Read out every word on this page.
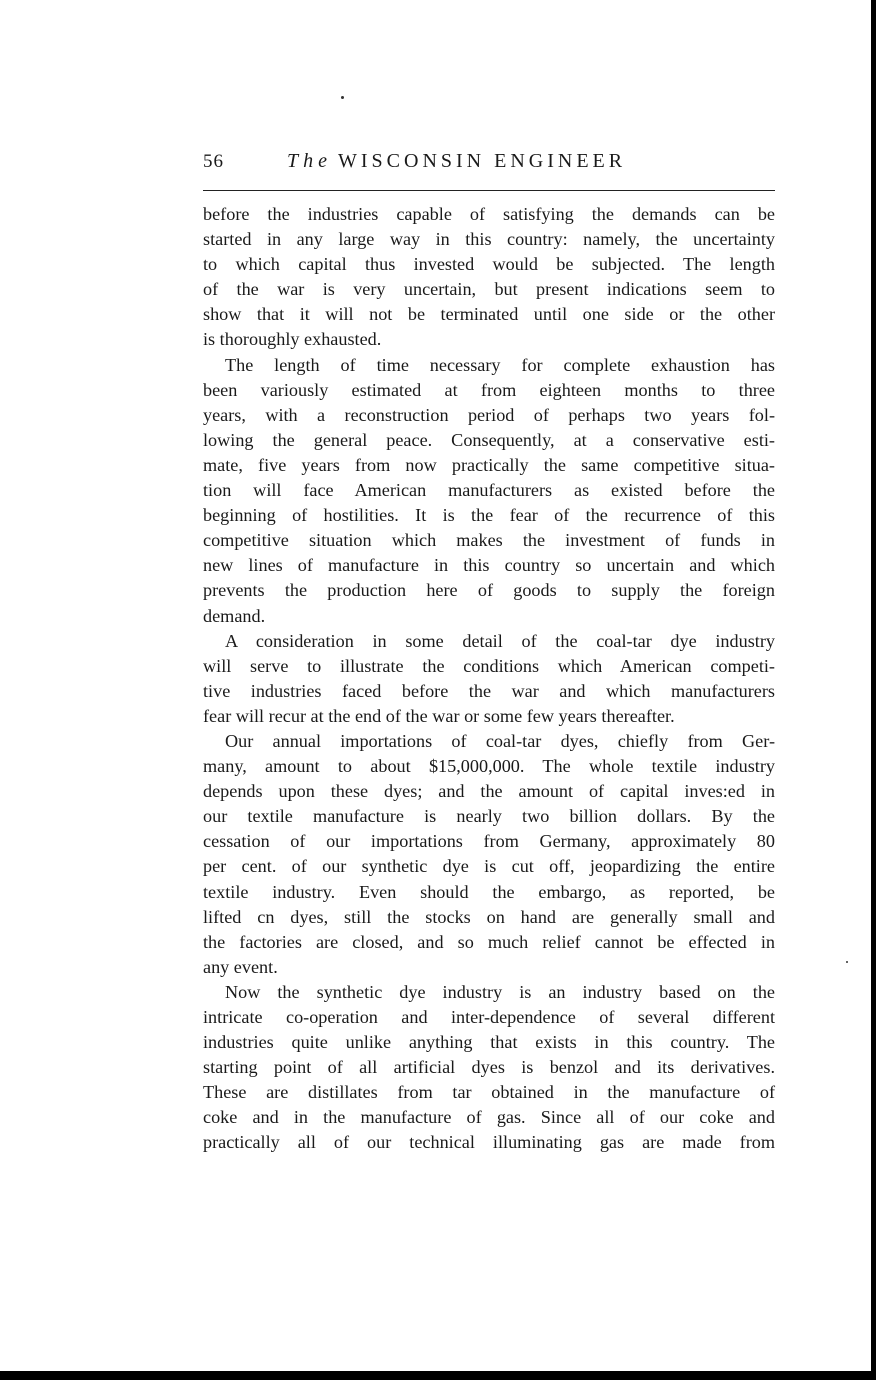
56	The WISCONSIN ENGINEER

before the industries capable of satisfying the demands can be
started in any large way in this country: namely, the uncertainty
to which capital thus invested would be subjected. The length
of the war is very uncertain, but present indications seem to
show that it will not be terminated until one side or the other
is thoroughly exhausted.

The length of time necessary for complete exhaustion has
been variously estimated at from eighteen months to three
years, with a reconstruction period of perhaps two years fol-
lowing the general peace. Consequently, at a conservative esti-
mate, five years from now practically the same competitive situa-
tion will face American manufacturers as existed before the
beginning of hostilities. It is the fear of the recurrence of this
competitive situation which makes the investment of funds in
new lines of manufacture in this country so uncertain and which
prevents the production here of goods to supply the foreign
demand.

A consideration in some detail of the coal-tar dye industry
will serve to illustrate the conditions which American competi-
tive industries faced before the war and which manufacturers
fear will recur at the end of the war or some few years thereafter.

Our annual importations of coal-tar dyes, chiefly from Ger-
many, amount to about $15,000,000. The whole textile industry
depends upon these dyes; and the amount of capital inves:ed in
our textile manufacture is nearly two billion dollars. By the
cessation of our importations from Germany, approximately 80
per cent. of our synthetic dye is cut off, jeopardizing the entire
textile industry. Even should the embargo, as reported, be
lifted cn dyes, still the stocks on hand are generally small and
the factories are closed, and so much relief cannot be effected in
any event.

Now the synthetic dye industry is an industry based on the
intricate co-operation and inter-dependence of several different
industries quite unlike anything that exists in this country. The
starting point of all artificial dyes is benzol and its derivatives.
These are distillates from tar obtained in the manufacture of
coke and in the manufacture of gas. Since all of our coke and
practically all of our technical illuminating gas are made from
